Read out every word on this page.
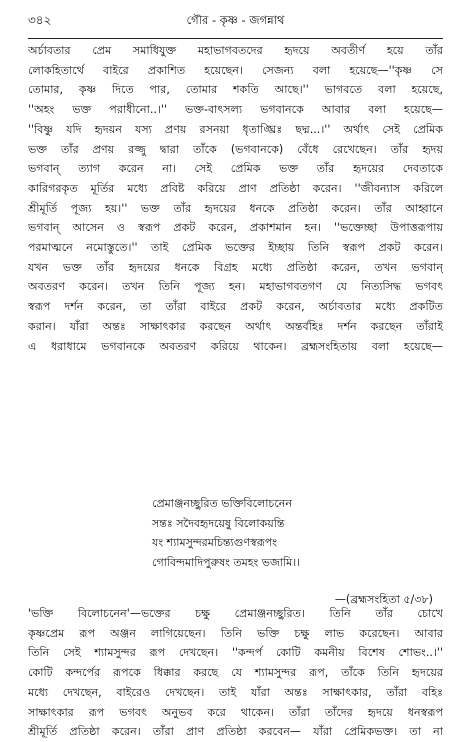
৩৪২	গৌর - কৃষ্ণ - জগন্নাথ
অর্চাবতার প্রেম সমাধিযুক্ত মহাভাগবতদের হৃদয়ে অবতীর্ণ হয়ে তাঁর
লোকহিতার্থে বাইরে প্রকাশিত হয়েছেন। সেজন্য বলা হয়েছে—''কৃষ্ণ সে
তোমার, কৃষ্ণ দিতে পার, তোমার শকতি আছে।'' ভাগবতে বলা হয়েছে,
''অহং ভক্ত পরাধীনো..।'' ভক্ত-বাৎসল্য ভগবানকে আবার বলা হয়েছে—
''বিষ্ণু যদি হৃদয়ন যস্য প্রণয় রসনয়া ধৃতাঙ্ঘ্রিঃ ছদ্ম...।'' অর্থাৎ সেই প্রেমিক
ভক্ত তাঁর প্রণয় রজ্জু দ্বারা তাঁকে (ভগবানকে) বেঁধে রেখেছেন। তাঁর হৃদয়
ভগবান্ ত্যাগ করেন না। সেই প্রেমিক ভক্ত তাঁর হৃদয়ের দেবতাকে
কারিগরকৃত মূর্তির মধ্যে প্রবিষ্ট করিয়ে প্রাণ প্রতিষ্ঠা করেন। ''জীবন্যাস করিলে
শ্রীমূর্তি পূজ্য হয়।'' ভক্ত তাঁর হৃদয়ের ধনকে প্রতিষ্ঠা করেন। তাঁর আহ্বানে
ভগবান্ আসেন ও স্বরূপ প্রকট করেন, প্রকাশমান হন। ''ভক্তেচ্ছা উপাত্তরূপায়
পরমাত্মনে নমোস্তুতে।'' তাই প্রেমিক ভক্তের ইচ্ছায় তিনি স্বরূপ প্রকট করেন।
যখন ভক্ত তাঁর হৃদয়ের ধনকে বিগ্রহ মধ্যে প্রতিষ্ঠা করেন, তখন ভগবান্
অবতরণ করেন। তখন তিনি পূজ্য হন। মহাভাগবতগণ যে নিত্যসিদ্ধ ভগবৎ
স্বরূপ দর্শন করেন, তা তাঁরা বাইরে প্রকট করেন, অর্চাবতার মধ্যে প্রকটিত
করান। যাঁরা অন্তঃ সাক্ষাৎকার করছেন অর্থাৎ অন্তর্বহিঃ দর্শন করছেন তাঁরাই
এ ধরাধামে ভগবানকে অবতরণ করিয়ে থাকেন। ব্রহ্মসংহিতায় বলা হয়েছে—
প্রেমাঞ্জনচ্ছুরিত ভক্তিবিলোচনেন
সন্তঃ সদৈবহৃদয়েষু বিলোকয়ন্তি
যং শ্যামসুন্দরমচিন্ত্যগুণস্বরূপং
গোবিন্দমাদিপুরুষং তমহং ভজামি।।
—(ব্রহ্মসংহিতা ৫/৩৮)
'ভক্তি বিলোচনেন'—ভক্তের চক্ষু প্রেমাঞ্জনচ্ছুরিত। তিনি তাঁর চোখে
কৃষ্ণপ্রেম রূপ অঞ্জন লাগিয়েছেন। তিনি ভক্তি চক্ষু লাভ করেছেন। আবার
তিনি সেই শ্যামসুন্দর রূপ দেখছেন। ''কন্দর্প কোটি কমনীয় বিশেষ শোভং..।''
কোটি কন্দর্পের রূপকে ধিক্কার করছে যে শ্যামসুন্দর রূপ, তাঁকে তিনি হৃদয়ের
মধ্যে দেখছেন, বাইরেও দেখছেন। তাই যাঁরা অন্তঃ সাক্ষাৎকার, তাঁরা বহিঃ
সাক্ষাৎকার রূপ ভগবৎ অনুভব করে থাকেন। তাঁরা তাঁদের হৃদয়ে ধনস্বরূপ
শ্রীমূর্তি প্রতিষ্ঠা করেন। তাঁরা প্রাণ প্রতিষ্ঠা করবেন— যাঁরা প্রেমিকভক্ত। তা না
